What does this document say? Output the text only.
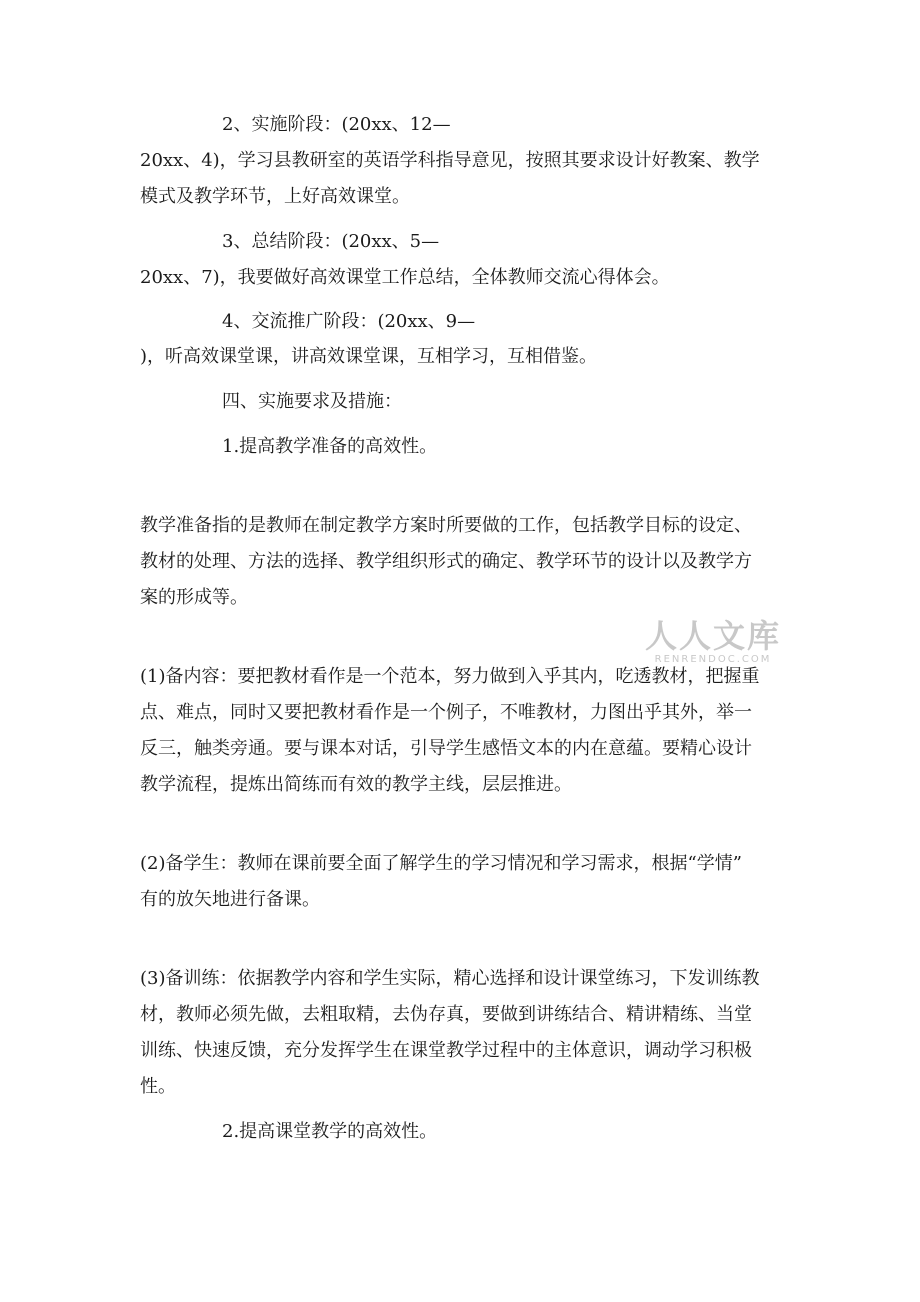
2、实施阶段：(20xx、12—

20xx、4)，学习县教研室的英语学科指导意见，按照其要求设计好教案、教学

模式及教学环节，上好高效课堂。

3、总结阶段：(20xx、5—

20xx、7)，我要做好高效课堂工作总结，全体教师交流心得体会。

4、交流推广阶段：(20xx、9—

)，听高效课堂课，讲高效课堂课，互相学习，互相借鉴。

四、实施要求及措施：

1.提高教学准备的高效性。

教学准备指的是教师在制定教学方案时所要做的工作，包括教学目标的设定、

教材的处理、方法的选择、教学组织形式的确定、教学环节的设计以及教学方

案的形成等。

(1)备内容：要把教材看作是一个范本，努力做到入乎其内，吃透教材，把握重

点、难点，同时又要把教材看作是一个例子，不唯教材，力图出乎其外，举一

反三，触类旁通。要与课本对话，引导学生感悟文本的内在意蕴。要精心设计

教学流程，提炼出简练而有效的教学主线，层层推进。

(2)备学生：教师在课前要全面了解学生的学习情况和学习需求，根据“学情”

有的放矢地进行备课。

(3)备训练：依据教学内容和学生实际，精心选择和设计课堂练习，下发训练教

材，教师必须先做，去粗取精，去伪存真，要做到讲练结合、精讲精练、当堂

训练、快速反馈，充分发挥学生在课堂教学过程中的主体意识，调动学习积极

性。

2.提高课堂教学的高效性。

人人文库
RENRENDOC.COM
